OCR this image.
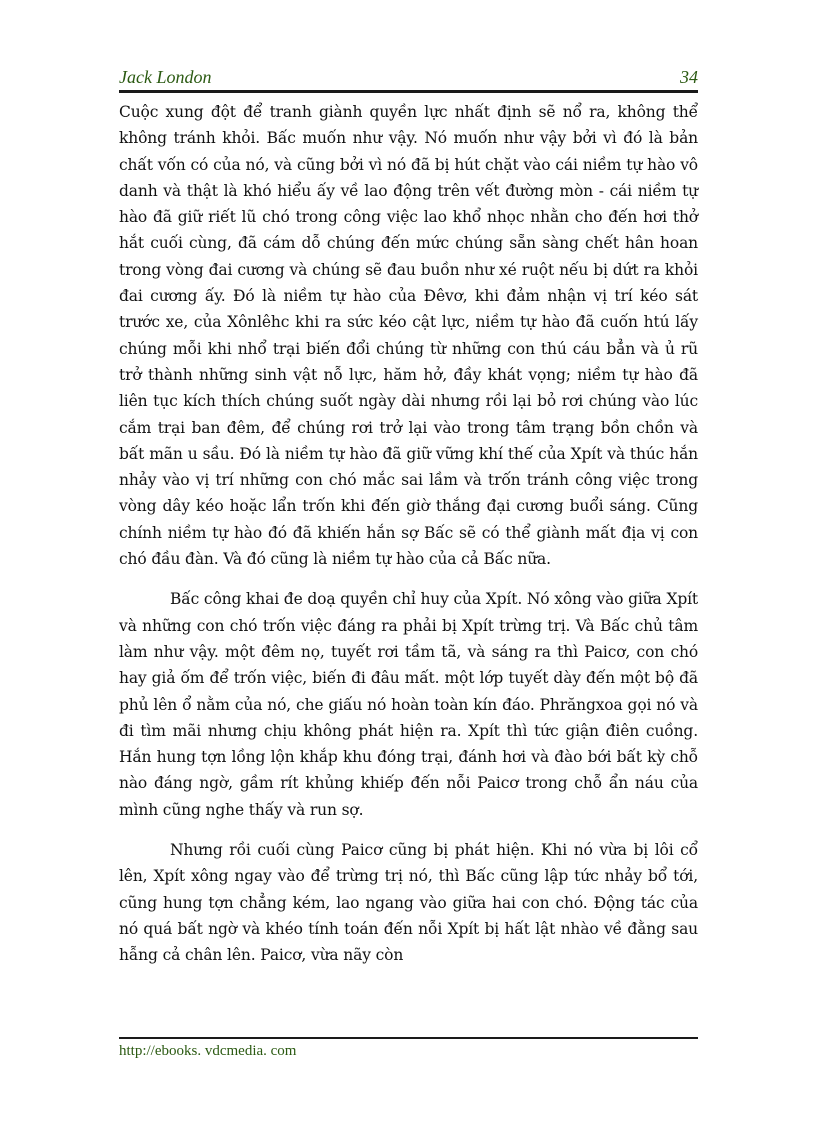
Jack London	34

Cuộc xung đột để tranh giành quyền lực nhất định sẽ nổ ra, không thể không tránh khỏi. Bấc muốn như vậy. Nó muốn như vậy bởi vì đó là bản chất vốn có của nó, và cũng bởi vì nó đã bị hút chặt vào cái niềm tự hào vô danh và thật là khó hiểu ấy về lao động trên vết đường mòn - cái niềm tự hào đã giữ riết lũ chó trong công việc lao khổ nhọc nhằn cho đến hơi thở hắt cuối cùng, đã cám dỗ chúng đến mức chúng sẵn sàng chết hân hoan trong vòng đai cương và chúng sẽ đau buồn như xé ruột nếu bị dứt ra khỏi đai cương ấy. Đó là niềm tự hào của Đêvơ, khi đảm nhận vị trí kéo sát trước xe, của Xônlêhc khi ra sức kéo cật lực, niềm tự hào đã cuốn htú lấy chúng mỗi khi nhổ trại biến đổi chúng từ những con thú cáu bẳn và ủ rũ trở thành những sinh vật nỗ lực, hăm hở, đầy khát vọng; niềm tự hào đã liên tục kích thích chúng suốt ngày dài nhưng rồi lại bỏ rơi chúng vào lúc cắm trại ban đêm, để chúng rơi trở lại vào trong tâm trạng bồn chồn và bất mãn u sầu. Đó là niềm tự hào đã giữ vững khí thế của Xpít và thúc hắn nhảy vào vị trí những con chó mắc sai lầm và trốn tránh công việc trong vòng dây kéo hoặc lẩn trốn khi đến giờ thắng đại cương buổi sáng. Cũng chính niềm tự hào đó đã khiến hắn sợ Bấc sẽ có thể giành mất địa vị con chó đầu đàn. Và đó cũng là niềm tự hào của cả Bấc nữa.

Bấc công khai đe doạ quyền chỉ huy của Xpít. Nó xông vào giữa Xpít và những con chó trốn việc đáng ra phải bị Xpít trừng trị. Và Bấc chủ tâm làm như vậy. một đêm nọ, tuyết rơi tầm tã, và sáng ra thì Paicơ, con chó hay giả ốm để trốn việc, biến đi đâu mất. một lớp tuyết dày đến một bộ đã phủ lên ổ nằm của nó, che giấu nó hoàn toàn kín đáo. Phrăngxoa gọi nó và đi tìm mãi nhưng chịu không phát hiện ra. Xpít thì tức giận điên cuồng. Hắn hung tợn lồng lộn khắp khu đóng trại, đánh hơi và đào bới bất kỳ chỗ nào đáng ngờ, gầm rít khủng khiếp đến nỗi Paicơ trong chỗ ẩn náu của mình cũng nghe thấy và run sợ.

Nhưng rồi cuối cùng Paicơ cũng bị phát hiện. Khi nó vừa bị lôi cổ lên, Xpít xông ngay vào để trừng trị nó, thì Bấc cũng lập tức nhảy bổ tới, cũng hung tợn chẳng kém, lao ngang vào giữa hai con chó. Động tác của nó quá bất ngờ và khéo tính toán đến nỗi Xpít bị hất lật nhào về đằng sau hẫng cả chân lên. Paicơ, vừa nãy còn

http://ebooks. vdcmedia. com
